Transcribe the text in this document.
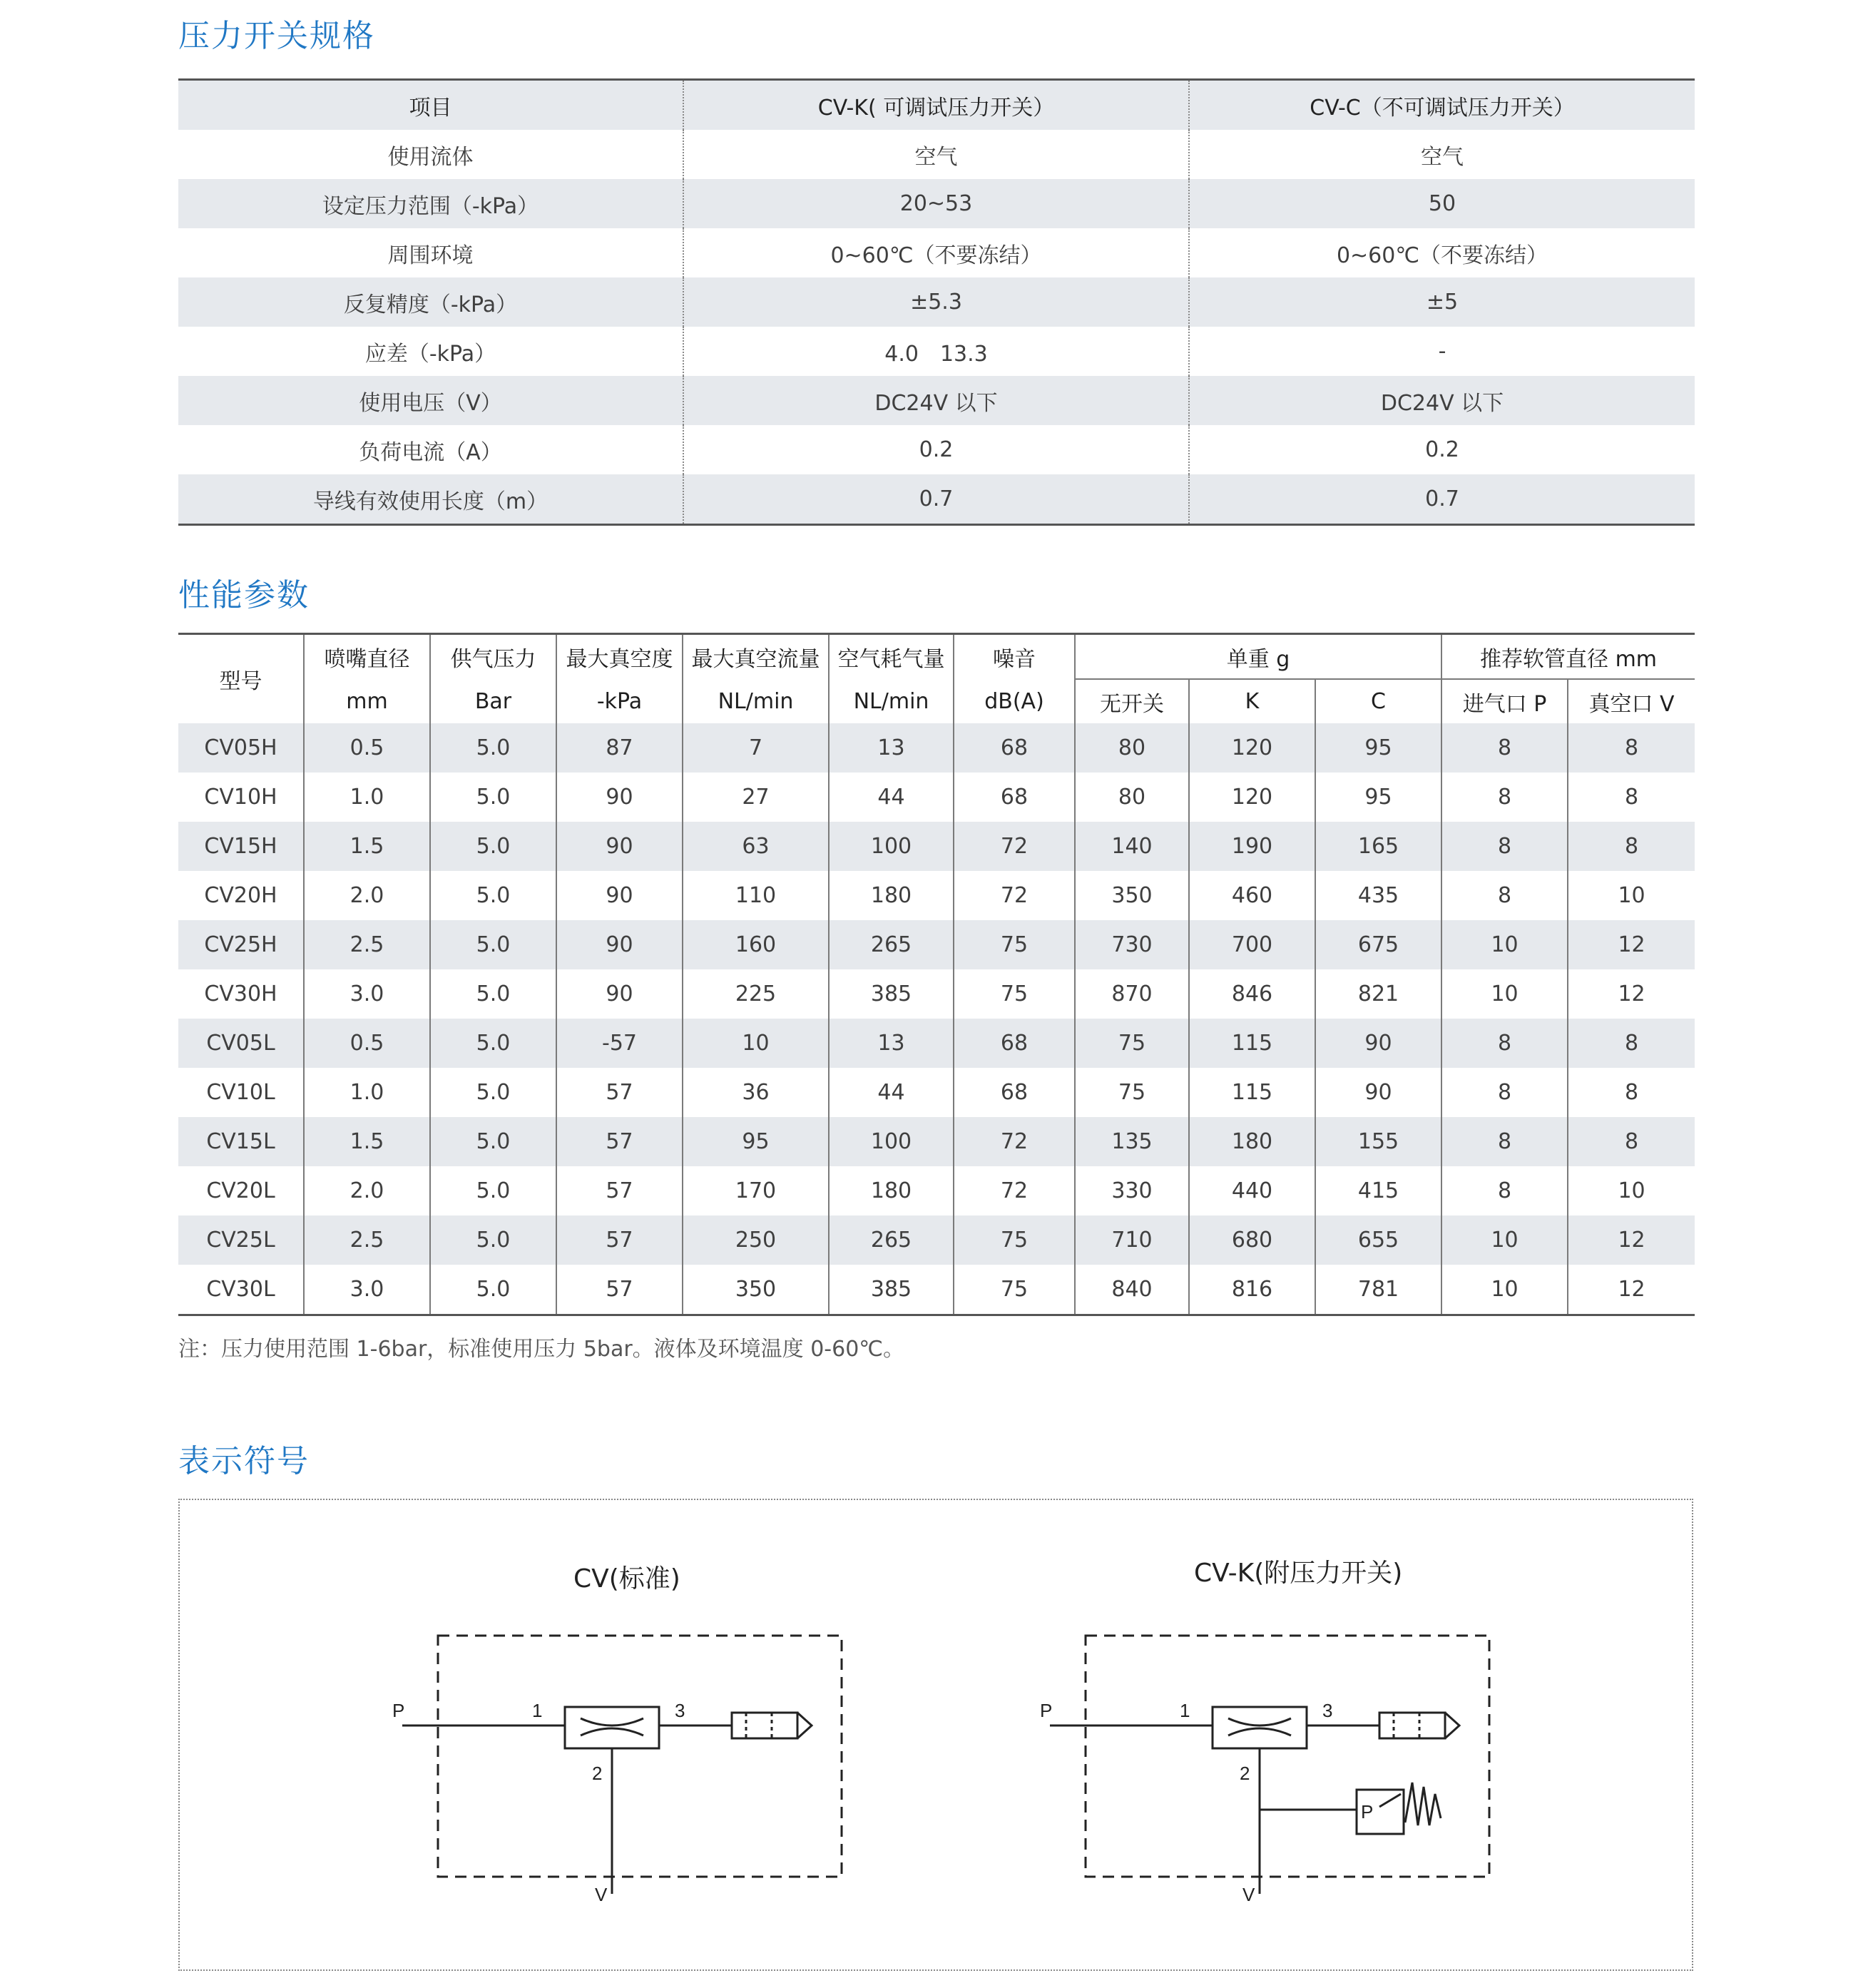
压力开关规格
项目	CV-K( 可调试压力开关）	CV-C（不可调试压力开关）
使用流体	空气	空气
设定压力范围（-kPa）	20~53	50
周围环境	0~60℃（不要冻结）	0~60℃（不要冻结）
反复精度（-kPa）	±5.3	±5
应差（-kPa）	4.0　13.3	-
使用电压（V）	DC24V 以下	DC24V 以下
负荷电流（A）	0.2	0.2
导线有效使用长度（m）	0.7	0.7
性能参数
型号	喷嘴直径	供气压力	最大真空度	最大真空流量	空气耗气量	噪音	单重 g			推荐软管直径 mm	
	mm	Bar	-kPa	NL/min	NL/min	dB(A)	无开关	K	C	进气口 P	真空口 V
CV05H	0.5	5.0	87	7	13	68	80	120	95	8	8
CV10H	1.0	5.0	90	27	44	68	80	120	95	8	8
CV15H	1.5	5.0	90	63	100	72	140	190	165	8	8
CV20H	2.0	5.0	90	110	180	72	350	460	435	8	10
CV25H	2.5	5.0	90	160	265	75	730	700	675	10	12
CV30H	3.0	5.0	90	225	385	75	870	846	821	10	12
CV05L	0.5	5.0	-57	10	13	68	75	115	90	8	8
CV10L	1.0	5.0	57	36	44	68	75	115	90	8	8
CV15L	1.5	5.0	57	95	100	72	135	180	155	8	8
CV20L	2.0	5.0	57	170	180	72	330	440	415	8	10
CV25L	2.5	5.0	57	250	265	75	710	680	655	10	12
CV30L	3.0	5.0	57	350	385	75	840	816	781	10	12
注：压力使用范围 1-6bar，标准使用压力 5bar。液体及环境温度 0-60℃。
表示符号
CV(标准)	CV-K(附压力开关)
P	1	3
2
V
P	1	3
2
V
P
